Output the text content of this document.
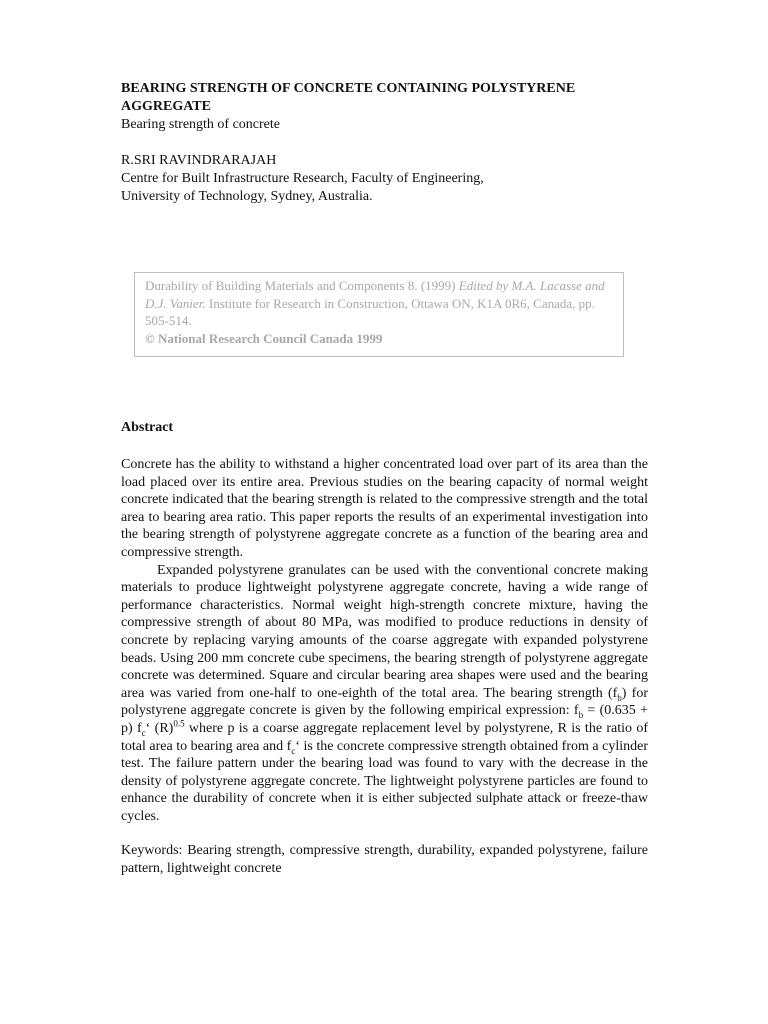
BEARING STRENGTH OF CONCRETE CONTAINING POLYSTYRENE AGGREGATE

Bearing strength of concrete

R.SRI RAVINDRARAJAH

Centre for Built Infrastructure Research, Faculty of Engineering,

University of Technology, Sydney, Australia.

Durability of Building Materials and Components 8. (1999) Edited by M.A. Lacasse and D.J. Vanier. Institute for Research in Construction, Ottawa ON, K1A 0R6, Canada, pp. 505-514.
© National Research Council Canada 1999

Abstract

Concrete has the ability to withstand a higher concentrated load over part of its area than the load placed over its entire area. Previous studies on the bearing capacity of normal weight concrete indicated that the bearing strength is related to the compressive strength and the total area to bearing area ratio. This paper reports the results of an experimental investigation into the bearing strength of polystyrene aggregate concrete as a function of the bearing area and compressive strength.

Expanded polystyrene granulates can be used with the conventional concrete making materials to produce lightweight polystyrene aggregate concrete, having a wide range of performance characteristics. Normal weight high-strength concrete mixture, having the compressive strength of about 80 MPa, was modified to produce reductions in density of concrete by replacing varying amounts of the coarse aggregate with expanded polystyrene beads. Using 200 mm concrete cube specimens, the bearing strength of polystyrene aggregate concrete was determined. Square and circular bearing area shapes were used and the bearing area was varied from one-half to one-eighth of the total area. The bearing strength $(f_b)$ for polystyrene aggregate concrete is given by the following empirical expression: $f_b = (0.635 + p)$ $f_c‘$ $(R)^{0.5}$ where p is a coarse aggregate replacement level by polystyrene, R is the ratio of total area to bearing area and $f_c‘$ is the concrete compressive strength obtained from a cylinder test. The failure pattern under the bearing load was found to vary with the decrease in the density of polystyrene aggregate concrete. The lightweight polystyrene particles are found to enhance the durability of concrete when it is either subjected sulphate attack or freeze-thaw cycles.

Keywords: Bearing strength, compressive strength, durability, expanded polystyrene, failure pattern, lightweight concrete
